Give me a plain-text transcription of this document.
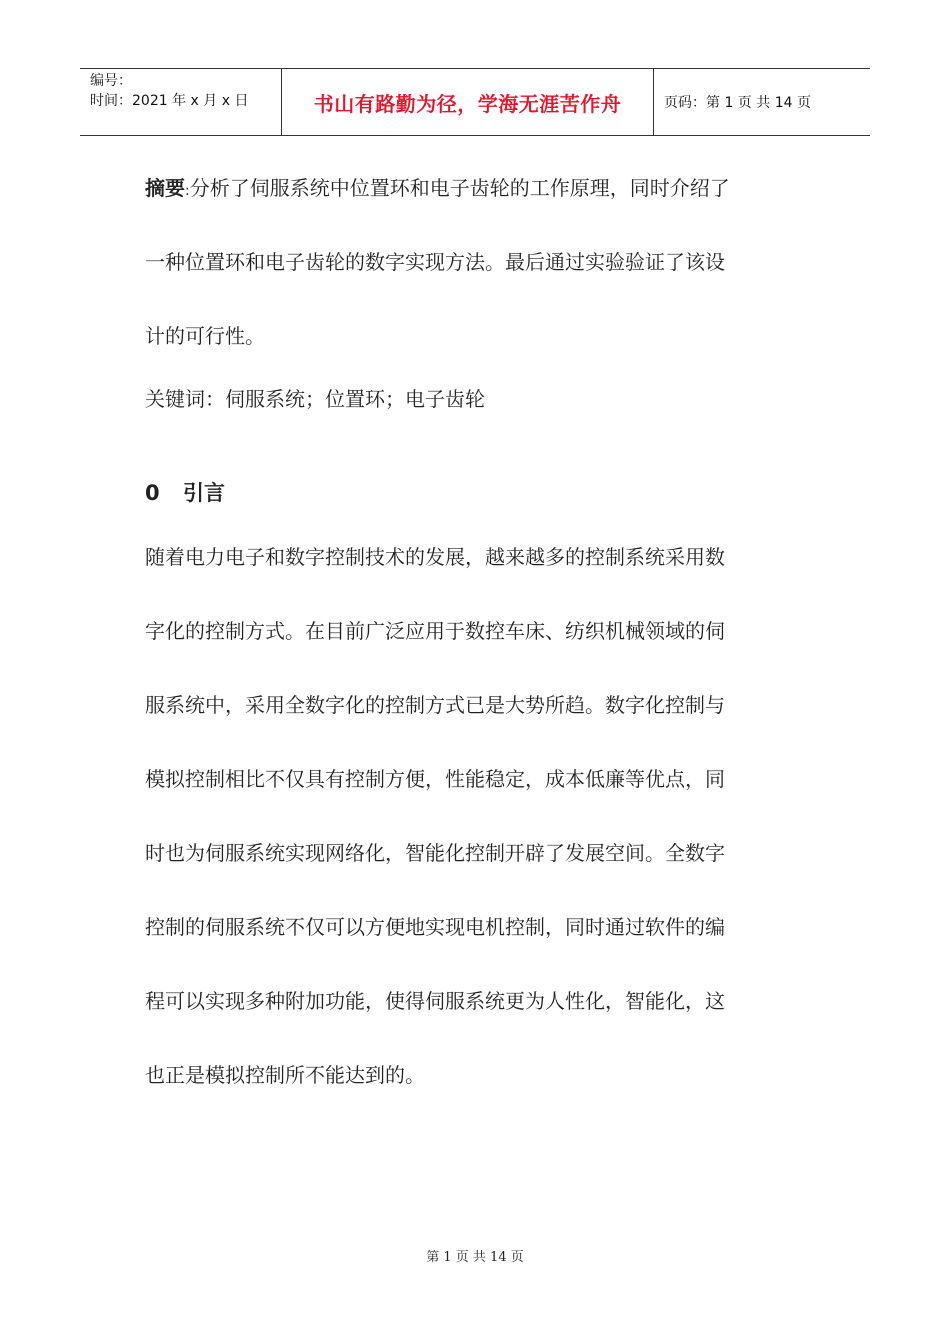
编号：
时间：2021 年 x 月 x 日	书山有路勤为径，学海无涯苦作舟	页码：第 1 页 共 14 页
摘要:分析了伺服系统中位置环和电子齿轮的工作原理，同时介绍了
一种位置环和电子齿轮的数字实现方法。最后通过实验验证了该设
计的可行性。
关键词：伺服系统；位置环；电子齿轮
0 引言
随着电力电子和数字控制技术的发展，越来越多的控制系统采用数
字化的控制方式。在目前广泛应用于数控车床、纺织机械领域的伺
服系统中，采用全数字化的控制方式已是大势所趋。数字化控制与
模拟控制相比不仅具有控制方便，性能稳定，成本低廉等优点，同
时也为伺服系统实现网络化，智能化控制开辟了发展空间。全数字
控制的伺服系统不仅可以方便地实现电机控制，同时通过软件的编
程可以实现多种附加功能，使得伺服系统更为人性化，智能化，这
也正是模拟控制所不能达到的。
第 1 页 共 14 页
